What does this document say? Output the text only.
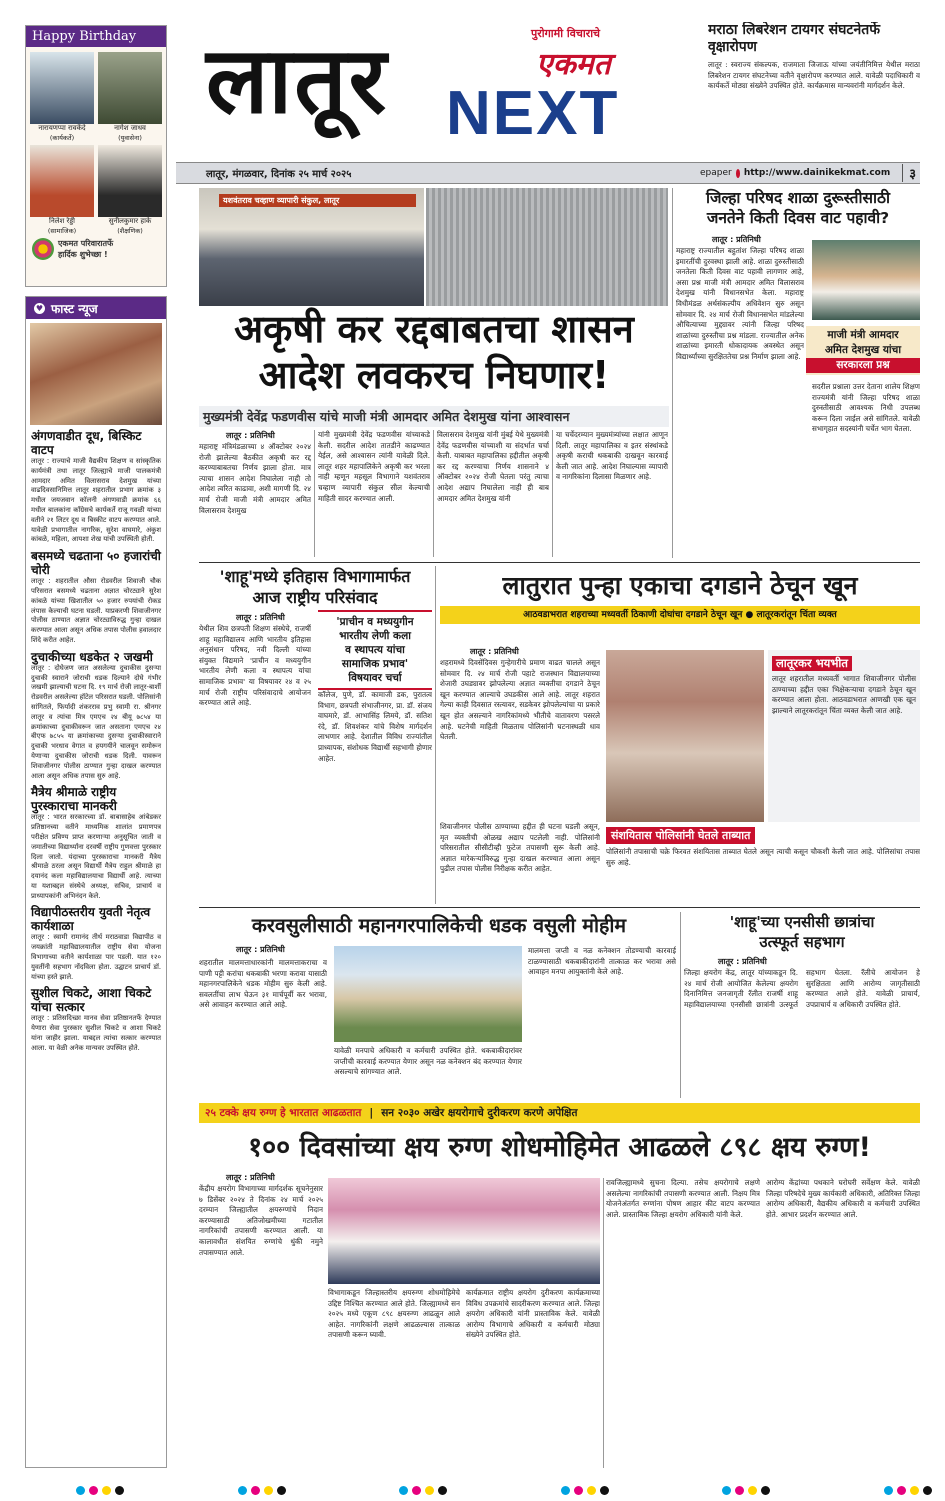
Happy Birthday
नारायणप्पा रावकेंदे
(कार्यकर्ते)
नागेश जाधव
(युवासेना)
निलेश रेड्डी
(सामाजिक)
सुनीलकुमार हाके
(शैक्षणिक)
एकमत परिवारातर्फे
हार्दिक शुभेच्छा !
♥ फास्ट न्यूज
अंगणवाडीत दूध, बिस्किट वाटप
लातूर : राज्याचे माजी वैद्यकीय शिक्षण व सांस्कृतिक कार्यमंत्री तथा लातूर जिल्ह्याचे माजी पालकमंत्री आमदार अमित विलासराव देशमुख यांच्या वाढदिवसानिमित्त लातूर शहरातील प्रभाग क्रमांक ३ मधील जयजवान कॉलनी अंगणवाडी क्रमांक ६६ मधील बालकांना काँग्रेसचे कार्यकर्ते राजू गवळी यांच्या वतीने २१ लिटर दूध व बिस्कीट वाटप करण्यात आले. यावेळी प्रभागातील नागरिक, सुरेश वाघमारे, अंकुश कांबळे, महिला, आयशा शेख यांची उपस्थिती होती.
बसमध्ये चढताना ५० हजारांची चोरी
लातूर : शहरातील औसा रोडवरील शिवाजी चौक परिसरात बसमध्ये चढताना अज्ञात चोरट्याने सुरेश कांबळे यांच्या खिशातील ५० हजार रुपयांची रोकड लंपास केल्याची घटना घडली. याप्रकरणी शिवाजीनगर पोलीस ठाण्यात अज्ञात चोरट्याविरुद्ध गुन्हा दाखल करण्यात आला असून अधिक तपास पोलीस हवालदार शिंदे करीत आहेत.
दुचाकीच्या धडकेत २ जखमी
लातूर : दोघेजण जात असलेल्या दुचाकीस दुसऱ्या दुचाकी स्वाराने जोराची धडक दिल्याने दोघे गंभीर जखमी झाल्याची घटना दि. १९ मार्च रोजी लातूर-बार्शी रोडवरील असलेल्या हॉटेल परिसरात घडली. पोलिसांनी सांगितले, फिर्यादी शंकरराव प्रभु स्वामी रा. श्रीनगर लातूर व त्यांचा मित्र एमएच २४ बीयू ७८५४ या क्रमांकाच्या दुचाकीवरून जात असताना एमएच २४ बीएफ ७८५५ या क्रमांकाच्या दुसऱ्या दुचाकीस्वाराने दुचाकी भरधाव वेगात व हयगयीने चालवून समोरून येणाऱ्या दुचाकीस जोराची धडक दिली. यावरून शिवाजीनगर पोलीस ठाण्यात गुन्हा दाखल करण्यात आला असून अधिक तपास सुरु आहे.
मैत्रेय श्रीमाळे राष्ट्रीय पुरस्काराचा मानकरी
लातूर : भारत सरकारच्या डॉ. बाबासाहेब आंबेडकर प्रतिष्ठानच्या वतीने माध्यमिक शालांत प्रमाणपत्र परीक्षेत प्रविण्य प्राप्त करणाऱ्या अनुसूचित जाती व जमातीच्या विद्यार्थ्यांना दरवर्षी राष्ट्रीय गुणवत्ता पुरस्कार दिला जातो. यंदाच्या पुरस्काराचा मानकरी मैत्रेय श्रीमाळे ठरला असून विद्यार्थी मैत्रेय राहुल श्रीमाळे हा दयानंद कला महाविद्यालयाचा विद्यार्थी आहे. त्याच्या या यशाबद्दल संस्थेचे अध्यक्ष, सचिव, प्राचार्य व प्राध्यापकांनी अभिनंदन केले.
विद्यापीठस्तरीय युवती नेतृत्व कार्यशाळा
लातूर : स्वामी रामानंद तीर्थ मराठवाडा विद्यापीठ व जयक्रांती महाविद्यालयातील राष्ट्रीय सेवा योजना विभागाच्या वतीने कार्यशाळा पार पडली. यात १२० युवतींनी सहभाग नोंदविला होता. उद्घाटन प्राचार्य डॉ. यांच्या हस्ते झाले.
सुशील चिकटे, आशा चिकटे यांचा सत्कार
लातूर : प्रतिसदिच्छा मानव सेवा प्रतिष्ठानतर्फे देण्यात येणारा सेवा पुरस्कार सुशील चिकटे व आशा चिकटे यांना जाहीर झाला. याबद्दल त्यांचा सत्कार करण्यात आला. या वेळी अनेक मान्यवर उपस्थित होते.
लातूर	पुरोगामी विचाराचे
एकमत
NEXT
लातूर, मंगळवार, दिनांक २५ मार्च २०२५
मराठा लिबरेशन टायगर संघटनेतर्फे वृक्षारोपण
लातूर : स्वराज्य संकल्पक, राजमाता जिजाऊ यांच्या जयंतीनिमित्त येथील मराठा लिबरेशन टायगर संघटनेच्या वतीने वृक्षारोपण करण्यात आले. यावेळी पदाधिकारी व कार्यकर्ते मोठ्या संख्येने उपस्थित होते. कार्यक्रमास मान्यवरांनी मार्गदर्शन केले.
epaper http://www.dainikekmat.com	३
यशवंतराव चव्हाण व्यापारी संकुल, लातूर
अकृषी कर रद्दबाबतचा शासन
आदेश लवकरच निघणार!
मुख्यमंत्री देवेंद्र फडणवीस यांचे माजी मंत्री आमदार अमित देशमुख यांना आश्वासन
लातूर : प्रतिनिधी
महाराष्ट्र मंत्रिमंडळाच्या ४ ऑक्टोबर २०२४ रोजी झालेल्या बैठकीत अकृषी कर रद्द करण्याबाबतचा निर्णय झाला होता. मात्र त्याचा शासन आदेश निघालेला नाही तो आदेश त्वरित काढावा, अशी मागणी दि. २४ मार्च रोजी माजी मंत्री आमदार अमित विलासराव देशमुख
यांनी मुख्यमंत्री देवेंद्र फडणवीस यांच्याकडे केली. सदरील आदेश तातडीने काढण्यात येईल, असे आश्वासन त्यांनी यावेळी दिले. लातूर शहर महापालिकेने अकृषी कर भरला नाही म्हणून महसूल विभागाने यशवंतराव चव्हाण व्यापारी संकुल सील केल्याची माहिती सादर करण्यात आली.
विलासराव देशमुख यांनी मुंबई येथे मुख्यमंत्री देवेंद्र फडणवीस यांच्याशी या संदर्भात चर्चा केली. याबाबत महापालिका हद्दीतील अकृषी कर रद्द करण्याचा निर्णय शासनाने ४ ऑक्टोबर २०२४ रोजी घेतला परंतु त्याचा आदेश अद्याप निघालेला नाही ही बाब आमदार अमित देशमुख यांनी
या चर्चेदरम्यान मुख्यमंत्र्यांच्या लक्षात आणून दिली. लातूर महापालिका व इतर संस्थांकडे अकृषी कराची थकबाकी दाखवून कारवाई केली जात आहे. आदेश निघाल्यास व्यापारी व नागरिकांना दिलासा मिळणार आहे.
जिल्हा परिषद शाळा दुरूस्तीसाठी
जनतेने किती दिवस वाट पहावी?
लातूर : प्रतिनिधी
महाराष्ट्र राज्यातील बहुतांश जिल्हा परिषद शाळा इमारतींची दुरवस्था झाली आहे. शाळा दुरुस्तीसाठी जनतेला किती दिवस वाट पहावी लागणार आहे, असा प्रश्न माजी मंत्री आमदार अमित विलासराव देशमुख यांनी विधानसभेत केला. महाराष्ट्र विधीमंडळ अर्थसंकल्पीय अधिवेशन सुरु असून सोमवार दि. २४ मार्च रोजी विधानसभेत मांडलेल्या औचित्याच्या मुद्द्यावर त्यांनी जिल्हा परिषद शाळांच्या दुरुस्तीचा प्रश्न मांडला. राज्यातील अनेक शाळांच्या इमारती धोकादायक अवस्थेत असून विद्यार्थ्यांच्या सुरक्षिततेचा प्रश्न निर्माण झाला आहे.
माजी मंत्री आमदार
अमित देशमुख यांचा
सरकारला प्रश्न
सदरील प्रश्नाला उत्तर देताना शालेय शिक्षण राज्यमंत्री यांनी जिल्हा परिषद शाळा दुरुस्तीसाठी आवश्यक निधी उपलब्ध करून दिला जाईल असे सांगितले. यावेळी सभागृहात सदस्यांनी चर्चेत भाग घेतला.
'शाहू'मध्ये इतिहास विभागामार्फत
आज राष्ट्रीय परिसंवाद
लातूर : प्रतिनिधी
येथील शिव छत्रपती शिक्षण संस्थेचे, राजर्षी शाहू महाविद्यालय आणि भारतीय इतिहास अनुसंधान परिषद, नवी दिल्ली यांच्या संयुक्त विद्यमाने 'प्राचीन व मध्ययुगीन भारतीय लेणी कला व स्थापत्य यांचा सामाजिक प्रभाव' या विषयावर २४ व २५ मार्च रोजी राष्ट्रीय परिसंवादाचे आयोजन करण्यात आले आहे.
'प्राचीन व मध्ययुगीन
भारतीय लेणी कला
व स्थापत्य यांचा
सामाजिक प्रभाव'
विषयावर चर्चा
कॉलेज, पुणे, डॉ. कामाजी डक, पुरातत्व विभाग, छत्रपती संभाजीनगर, प्रा. डॉ. संजय वाघमारे, डॉ. आभासिंह लिमये, डॉ. सतिश रंदे, डॉ. शिवशंकर यांचे विशेष मार्गदर्शन लाभणार आहे. देशातील विविध राज्यांतील प्राध्यापक, संशोधक विद्यार्थी सहभागी होणार आहेत.
लातुरात पुन्हा एकाचा दगडाने ठेचून खून
आठवडाभरात शहराच्या मध्यवर्ती ठिकाणी दोघांचा दगडाने ठेचून खून ● लातूरकरांतून चिंता व्यक्त
लातूर : प्रतिनिधी
शहरामध्ये दिवसेंदिवस गुन्हेगारीचे प्रमाण वाढत चालले असून सोमवार दि. २४ मार्च रोजी पहाटे राजस्थान विद्यालयाच्या शेजारी उघड्यावर झोपलेल्या अज्ञात व्यक्तीचा दगडाने ठेचून खून करण्यात आल्याचे उघडकीस आले आहे. लातूर शहरात गेल्या काही दिवसात रस्त्यावर, सडकेवर झोपलेल्यांचा या प्रकारे खून होत असल्याने नागरिकांमध्ये भीतीचे वातावरण पसरले आहे. घटनेची माहिती मिळताच पोलिसांनी घटनास्थळी धाव घेतली.
शिवाजीनगर पोलीस ठाण्याच्या हद्दीत ही घटना घडली असून, मृत व्यक्तीची ओळख अद्याप पटलेली नाही. पोलिसांनी परिसरातील सीसीटीव्ही फुटेज तपासणी सुरू केली आहे. अज्ञात मारेकऱ्यांविरुद्ध गुन्हा दाखल करण्यात आला असून पुढील तपास पोलीस निरीक्षक करीत आहेत.
लातूरकर भयभीत
लातूर शहरातील मध्यवर्ती भागात शिवाजीनगर पोलीस ठाण्याच्या हद्दीत एका भिक्षेकऱ्याचा दगडाने ठेचून खून करण्यात आला होता. आठवडाभरात आणखी एक खून झाल्याने लातूरकरांतून चिंता व्यक्त केली जात आहे.
संशयितास पोलिसांनी घेतले ताब्यात
पोलिसांनी तपासाची चक्रे फिरवत संशयितास ताब्यात घेतले असून त्याची कसून चौकशी केली जात आहे. पोलिसांचा तपास सुरु आहे.
करवसुलीसाठी महानगरपालिकेची धडक वसुली मोहीम
लातूर : प्रतिनिधी
शहरातील मालमत्ताधारकांनी मालमत्ताकराचा व पाणी पट्टी करांचा थकबाकी भरणा करावा यासाठी महानगरपालिकेने धडक मोहीम सुरु केली आहे. सवलतींचा लाभ घेऊन ३१ मार्चपूर्वी कर भरावा, असे आवाहन करण्यात आले आहे.
यावेळी मनपाचे अधिकारी व कर्मचारी उपस्थित होते. थकबाकीदारांवर जप्तीची कारवाई करण्यात येणार असून नळ कनेक्शन बंद करण्यात येणार असल्याचे सांगण्यात आले.
मालमत्ता जप्ती व नळ कनेक्शन तोडण्याची कारवाई टाळण्यासाठी थकबाकीदारांनी तात्काळ कर भरावा असे आवाहन मनपा आयुक्तांनी केले आहे.
'शाहू'च्या एनसीसी छात्रांचा
उत्स्फूर्त सहभाग
लातूर : प्रतिनिधी
जिल्हा क्षयरोग केंद्र, लातूर यांच्याकडून दि. २४ मार्च रोजी आयोजित केलेल्या क्षयरोग दिनानिमित्त जनजागृती रॅलीत राजर्षी शाहू महाविद्यालयाच्या एनसीसी छात्रांनी उत्स्फूर्त सहभाग घेतला. रॅलीचे आयोजन हे सुरक्षितता आणि आरोग्य जागृतीसाठी करण्यात आले होते. यावेळी प्राचार्य, उपप्राचार्य व अधिकारी उपस्थित होते.
२५ टक्के क्षय रुग्ण हे भारतात आढळतात | सन २०३० अखेर क्षयरोगाचे दुरीकरण करणे अपेक्षित
१०० दिवसांच्या क्षय रुग्ण शोधमोहिमेत आढळले ८९८ क्षय रुग्ण!
लातूर : प्रतिनिधी
केंद्रीय क्षयरोग विभागाच्या मार्गदर्शक सूचनेनुसार ७ डिसेंबर २०२४ ते दिनांक २४ मार्च २०२५ दरम्यान जिल्ह्यातील क्षयरुग्णांचे निदान करण्यासाठी अतिजोखमीच्या गटातील नागरिकांची तपासणी करण्यात आली. या कालावधीत संशयित रुग्णांचे थुंकी नमुने तपासण्यात आले.
विभागाकडून जिल्हास्तरीय क्षयरुग्ण शोधमोहिमेचे उद्दिष्ट निश्चित करण्यात आले होते. जिल्ह्यामध्ये सन २०२५ मध्ये एकूण ८९८ क्षयरुग्ण आढळून आले आहेत. नागरिकांनी लक्षणे आढळल्यास तात्काळ तपासणी करून घ्यावी.
कार्यक्रमात राष्ट्रीय क्षयरोग दुरीकरण कार्यक्रमाच्या विविध उपक्रमांचे सादरीकरण करण्यात आले. जिल्हा क्षयरोग अधिकारी यांनी प्रास्ताविक केले. यावेळी आरोग्य विभागाचे अधिकारी व कर्मचारी मोठ्या संख्येने उपस्थित होते.
रावजिल्ह्यामध्ये सुचना दिल्या. तसेच क्षयरोगाचे लक्षणे असलेल्या नागरिकांची तपासणी करण्यात आली. निक्षय मित्र योजनेअंतर्गत रुग्णांना पोषण आहार कीट वाटप करण्यात आले. प्रास्ताविक जिल्हा क्षयरोग अधिकारी यांनी केले.
आरोग्य केंद्रांच्या पथकाने घरोघरी सर्वेक्षण केले. यावेळी जिल्हा परिषदेचे मुख्य कार्यकारी अधिकारी, अतिरिक्त जिल्हा आरोग्य अधिकारी, वैद्यकीय अधिकारी व कर्मचारी उपस्थित होते. आभार प्रदर्शन करण्यात आले.
